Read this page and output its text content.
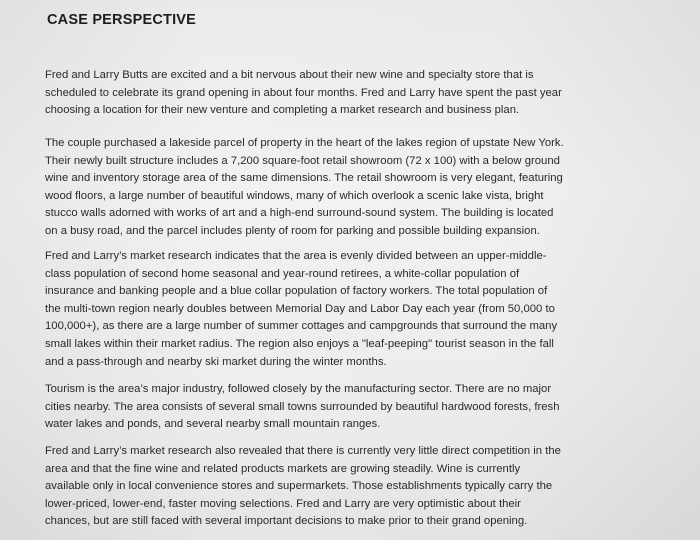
CASE PERSPECTIVE
Fred and Larry Butts are excited and a bit nervous about their new wine and specialty store that is
scheduled to celebrate its grand opening in about four months. Fred and Larry have spent the past year
choosing a location for their new venture and completing a market research and business plan.
The couple purchased a lakeside parcel of property in the heart of the lakes region of upstate New York.
Their newly built structure includes a 7,200 square-foot retail showroom (72 x 100) with a below ground
wine and inventory storage area of the same dimensions. The retail showroom is very elegant, featuring
wood floors, a large number of beautiful windows, many of which overlook a scenic lake vista, bright
stucco walls adorned with works of art and a high-end surround-sound system. The building is located
on a busy road, and the parcel includes plenty of room for parking and possible building expansion.
Fred and Larry’s market research indicates that the area is evenly divided between an upper-middle-
class population of second home seasonal and year-round retirees, a white-collar population of
insurance and banking people and a blue collar population of factory workers. The total population of
the multi-town region nearly doubles between Memorial Day and Labor Day each year (from 50,000 to
100,000+), as there are a large number of summer cottages and campgrounds that surround the many
small lakes within their market radius. The region also enjoys a "leaf-peeping" tourist season in the fall
and a pass-through and nearby ski market during the winter months.
Tourism is the area’s major industry, followed closely by the manufacturing sector. There are no major
cities nearby. The area consists of several small towns surrounded by beautiful hardwood forests, fresh
water lakes and ponds, and several nearby small mountain ranges.
Fred and Larry’s market research also revealed that there is currently very little direct competition in the
area and that the fine wine and related products markets are growing steadily. Wine is currently
available only in local convenience stores and supermarkets. Those establishments typically carry the
lower-priced, lower-end, faster moving selections. Fred and Larry are very optimistic about their
chances, but are still faced with several important decisions to make prior to their grand opening.
